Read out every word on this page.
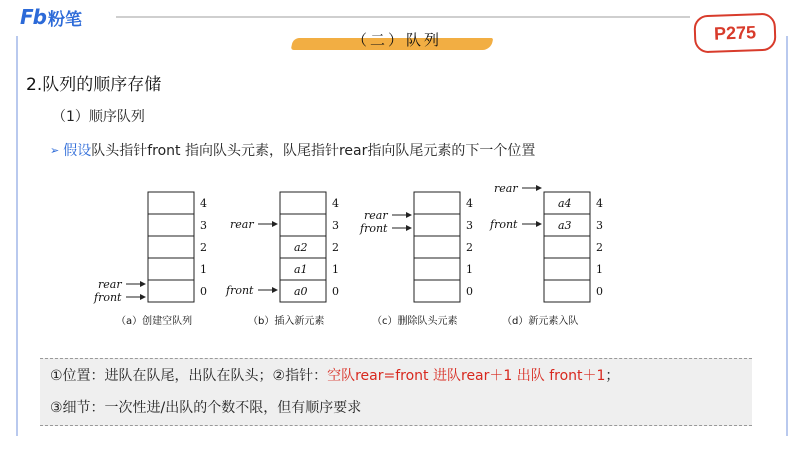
Fb 粉笔
（二）队列	P275
2.队列的顺序存储
（1）顺序队列
➢ 假设 队头指针front 指向队头元素，队尾指针rear指向队尾元素的下一个位置
4
3
2
1
0
rear
front
（a）创建空队列
a2
a1
a0
4
3
2
1
0
rear
front
（b）插入新元素
4
3
2
1
0
rear
front
（c）删除队头元素
a4
a3
4
3
2
1
0
rear
front
（d）新元素入队
①位置：进队在队尾，出队在队头；②指针：空队rear=front 进队rear＋1 出队 front＋1；
③细节：一次性进/出队的个数不限，但有顺序要求
